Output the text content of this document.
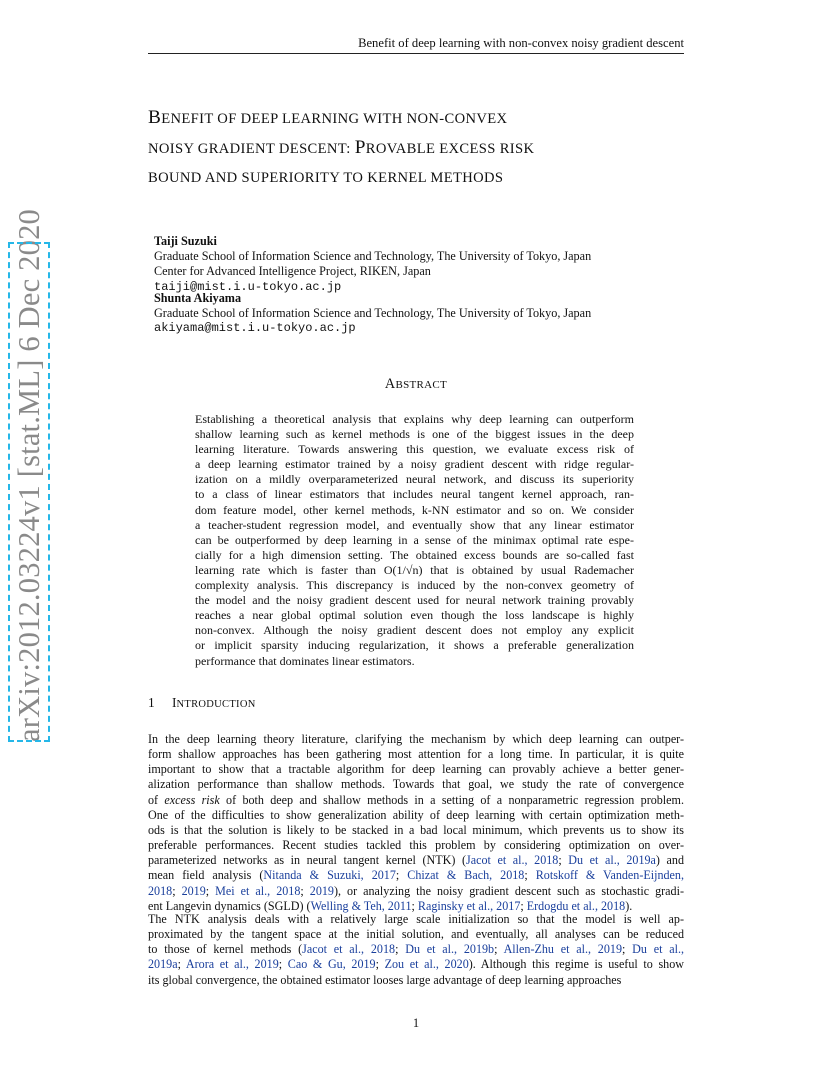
Benefit of deep learning with non-convex noisy gradient descent
BENEFIT OF DEEP LEARNING WITH NON-CONVEX
NOISY GRADIENT DESCENT: PROVABLE EXCESS RISK
BOUND AND SUPERIORITY TO KERNEL METHODS
Taiji Suzuki
Graduate School of Information Science and Technology, The University of Tokyo, Japan
Center for Advanced Intelligence Project, RIKEN, Japan
taiji@mist.i.u-tokyo.ac.jp
Shunta Akiyama
Graduate School of Information Science and Technology, The University of Tokyo, Japan
akiyama@mist.i.u-tokyo.ac.jp
ABSTRACT
Establishing a theoretical analysis that explains why deep learning can outperform
shallow learning such as kernel methods is one of the biggest issues in the deep
learning literature. Towards answering this question, we evaluate excess risk of
a deep learning estimator trained by a noisy gradient descent with ridge regular-
ization on a mildly overparameterized neural network, and discuss its superiority
to a class of linear estimators that includes neural tangent kernel approach, ran-
dom feature model, other kernel methods, k-NN estimator and so on. We consider
a teacher-student regression model, and eventually show that any linear estimator
can be outperformed by deep learning in a sense of the minimax optimal rate espe-
cially for a high dimension setting. The obtained excess bounds are so-called fast
learning rate which is faster than O(1/√n) that is obtained by usual Rademacher
complexity analysis. This discrepancy is induced by the non-convex geometry of
the model and the noisy gradient descent used for neural network training provably
reaches a near global optimal solution even though the loss landscape is highly
non-convex. Although the noisy gradient descent does not employ any explicit
or implicit sparsity inducing regularization, it shows a preferable generalization
performance that dominates linear estimators.
1 INTRODUCTION
In the deep learning theory literature, clarifying the mechanism by which deep learning can outper-
form shallow approaches has been gathering most attention for a long time. In particular, it is quite
important to show that a tractable algorithm for deep learning can provably achieve a better gener-
alization performance than shallow methods. Towards that goal, we study the rate of convergence
of excess risk of both deep and shallow methods in a setting of a nonparametric regression problem.
One of the difficulties to show generalization ability of deep learning with certain optimization meth-
ods is that the solution is likely to be stacked in a bad local minimum, which prevents us to show its
preferable performances. Recent studies tackled this problem by considering optimization on over-
parameterized networks as in neural tangent kernel (NTK) (Jacot et al., 2018; Du et al., 2019a) and
mean field analysis (Nitanda & Suzuki, 2017; Chizat & Bach, 2018; Rotskoff & Vanden-Eijnden,
2018; 2019; Mei et al., 2018; 2019), or analyzing the noisy gradient descent such as stochastic gradi-
ent Langevin dynamics (SGLD) (Welling & Teh, 2011; Raginsky et al., 2017; Erdogdu et al., 2018).
The NTK analysis deals with a relatively large scale initialization so that the model is well ap-
proximated by the tangent space at the initial solution, and eventually, all analyses can be reduced
to those of kernel methods (Jacot et al., 2018; Du et al., 2019b; Allen-Zhu et al., 2019; Du et al.,
2019a; Arora et al., 2019; Cao & Gu, 2019; Zou et al., 2020). Although this regime is useful to show
its global convergence, the obtained estimator looses large advantage of deep learning approaches
1
arXiv:2012.03224v1 [stat.ML] 6 Dec 2020
